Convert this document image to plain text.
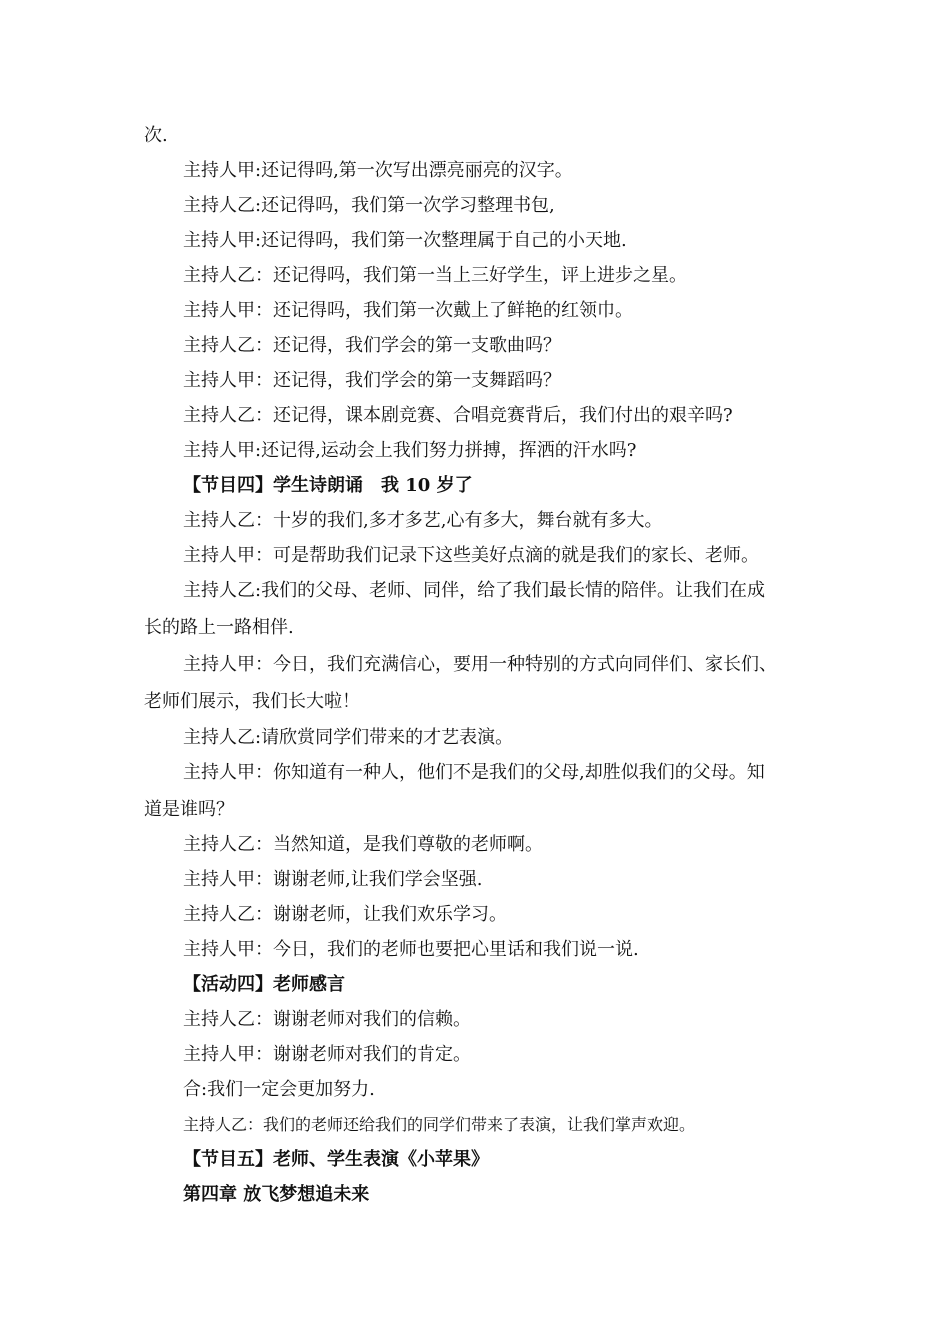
次.
主持人甲:还记得吗,第一次写出漂亮丽亮的汉字。
主持人乙:还记得吗，我们第一次学习整理书包,
主持人甲:还记得吗，我们第一次整理属于自己的小天地.
主持人乙：还记得吗，我们第一当上三好学生，评上进步之星。
主持人甲：还记得吗，我们第一次戴上了鲜艳的红领巾。
主持人乙：还记得，我们学会的第一支歌曲吗？
主持人甲：还记得，我们学会的第一支舞蹈吗？
主持人乙：还记得，课本剧竞赛、合唱竞赛背后，我们付出的艰辛吗?
主持人甲:还记得,运动会上我们努力拼搏，挥洒的汗水吗?
【节目四】学生诗朗诵　我 10 岁了
主持人乙：十岁的我们,多才多艺,心有多大，舞台就有多大。
主持人甲：可是帮助我们记录下这些美好点滴的就是我们的家长、老师。
主持人乙:我们的父母、老师、同伴，给了我们最长情的陪伴。让我们在成
长的路上一路相伴.
主持人甲：今日，我们充满信心，要用一种特别的方式向同伴们、家长们、
老师们展示，我们长大啦！
主持人乙:请欣赏同学们带来的才艺表演。
主持人甲：你知道有一种人，他们不是我们的父母,却胜似我们的父母。知
道是谁吗？
主持人乙：当然知道，是我们尊敬的老师啊。
主持人甲：谢谢老师,让我们学会坚强.
主持人乙：谢谢老师，让我们欢乐学习。
主持人甲：今日，我们的老师也要把心里话和我们说一说.
【活动四】老师感言
主持人乙：谢谢老师对我们的信赖。
主持人甲：谢谢老师对我们的肯定。
合:我们一定会更加努力.
主持人乙：我们的老师还给我们的同学们带来了表演，让我们掌声欢迎。
【节目五】老师、学生表演《小苹果》
第四章 放飞梦想追未来
